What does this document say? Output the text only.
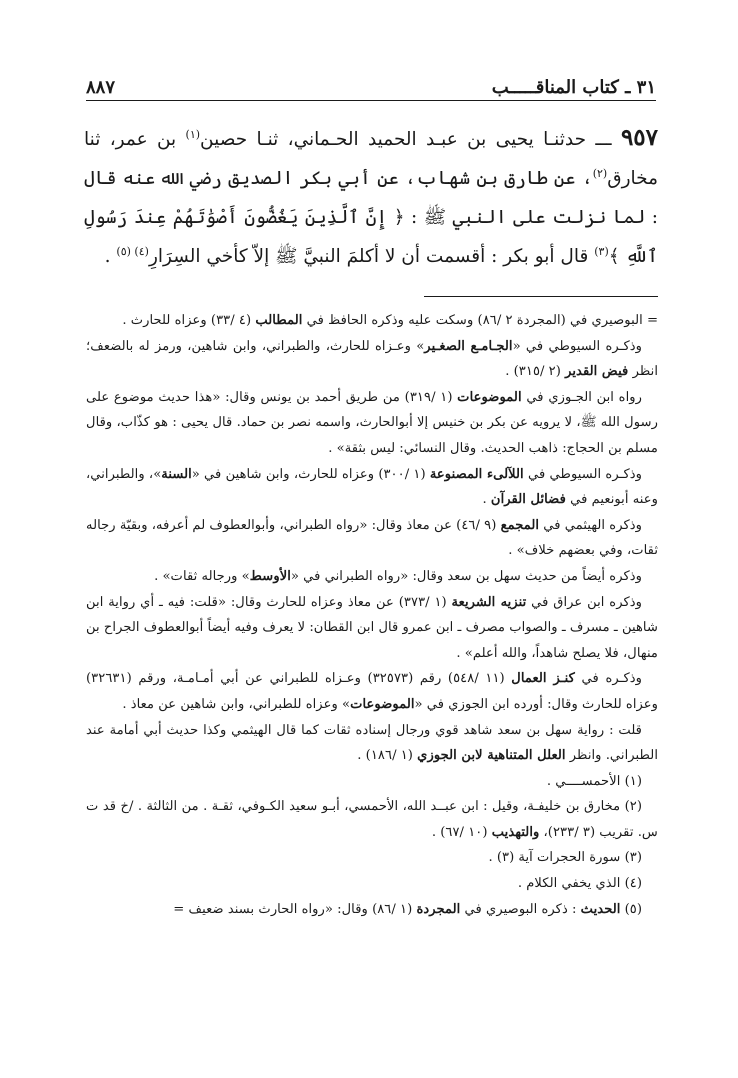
٣١ ـ كتاب المناقـــــب
٨٨٧

٩٥٧ ـــ حدثنـا يحيى بن عبـد الحميد الحـماني، ثنـا حصين$^{(١)}$ بن عمر، ثنا مخارق$^{(٢)}$، عن طارق بن شهاب، عن أبي بكر الصديق رضي الله عنه قال : لما نزلت على النبي ﷺ : ﴿ إِنَّ ٱلَّذِينَ يَغُضُّونَ أَصْوَٰتَهُمْ عِندَ رَسُولِ ٱللَّهِ ﴾$^{(٣)}$ قال أبو بكر : أقسمت أن لا أكلمَ النبيَّ ﷺ إلاّ كأخي السِرَارِ$^{(٤)}$ $^{(٥)}$ .

= البوصيري في (المجردة ٢ /٨٦) وسكت عليه وذكره الحافظ في المطالب (٤ /٣٣) وعزاه للحارث .

وذكـره السيوطي في «الجـامـع الصغـير» وعـزاه للحارث، والطبراني، وابن شاهين، ورمز له بالضعف؛ انظر فيض القدير (٢ /٣١٥) .

رواه ابن الجـوزي في الموضوعات (١ /٣١٩) من طريق أحمد بن يونس وقال: «هذا حديث موضوع على رسول الله ﷺ، لا يرويه عن بكر بن خنيس إلا أبوالحارث، واسمه نصر بن حماد. قال يحيى : هو كذّاب، وقال مسلم بن الحجاج: ذاهب الحديث. وقال النسائي: ليس بثقة» .

وذكـره السيوطي في اللآلىء المصنوعة (١ /٣٠٠) وعزاه للحارث، وابن شاهين في «السنة»، والطبراني، وعنه أبونعيم في فضائل القرآن .

وذكره الهيثمي في المجمع (٩ /٤٦) عن معاذ وقال: «رواه الطبراني، وأبوالعطوف لم أعرفه، وبقيّة رجاله ثقات، وفي بعضهم خلاف» .

وذكره أيضاً من حديث سهل بن سعد وقال: «رواه الطبراني في «الأوسط» ورجاله ثقات» .

وذكره ابن عراق في تنزيه الشريعة (١ /٣٧٣) عن معاذ وعزاه للحارث وقال: «قلت: فيه ـ أي رواية ابن شاهين ـ مسرف ـ والصواب مصرف ـ ابن عمرو قال ابن القطان: لا يعرف وفيه أيضاً أبوالعطوف الجراح بن منهال، فلا يصلح شاهداً، والله أعلم» .

وذكـره في كنـز العمال (١١ /٥٤٨) رقم (٣٢٥٧٣) وعـزاه للطبراني عن أبي أمـامـة، ورقم (٣٢٦٣١) وعزاه للحارث وقال: أورده ابن الجوزي في «الموضوعات» وعزاه للطبراني، وابن شاهين عن معاذ .

قلت : رواية سهل بن سعد شاهد قوي ورجال إسناده ثقات كما قال الهيثمي وكذا حديث أبي أمامة عند الطبراني. وانظر العلل المتناهية لابن الجوزي (١ /١٨٦) .

(١) الأحمســــي .

(٢) مخارق بن خليفـة، وقيل : ابن عبــد الله، الأحمسي، أبـو سعيد الكـوفي، ثقـة . من الثالثة . /خ قد ت س. تقريب (٣ /٢٣٣)، والتهذيب (١٠ /٦٧) .

(٣) سورة الحجرات آية (٣) .

(٤) الذي يخفي الكلام .

(٥) الحديث : ذكره البوصيري في المجردة (١ /٨٦) وقال: «رواه الحارث بسند ضعيف =
